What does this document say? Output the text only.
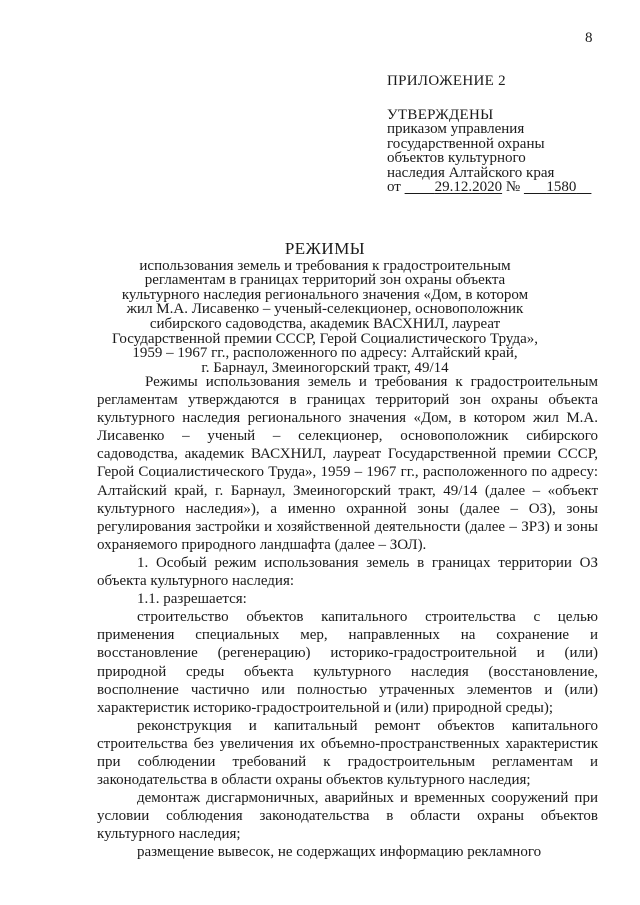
8
ПРИЛОЖЕНИЕ 2
УТВЕРЖДЕНЫ
приказом управления
государственной охраны
объектов культурного
наследия Алтайского края
от    29.12.2020 №    1580 
РЕЖИМЫ
использования земель и требования к градостроительным
регламентам в границах территорий зон охраны объекта
культурного наследия регионального значения «Дом, в котором
жил М.А. Лисавенко – ученый-селекционер, основоположник
сибирского садоводства, академик ВАСХНИЛ, лауреат
Государственной премии СССР, Герой Социалистического Труда»,
1959 – 1967 гг., расположенного по адресу: Алтайский край,
г. Барнаул, Змеиногорский тракт, 49/14

Режимы использования земель и требования к градостроительным регламентам утверждаются в границах территорий зон охраны объекта культурного наследия регионального значения «Дом, в котором жил М.А. Лисавенко – ученый – селекционер, основоположник сибирского садоводства, академик ВАСХНИЛ, лауреат Государственной премии СССР, Герой Социалистического Труда», 1959 – 1967 гг., расположенного по адресу: Алтайский край, г. Барнаул, Змеиногорский тракт, 49/14 (далее – «объект культурного наследия»), а именно охранной зоны (далее – ОЗ), зоны регулирования застройки и хозяйственной деятельности (далее – ЗРЗ) и зоны охраняемого природного ландшафта (далее – ЗОЛ).

1. Особый режим использования земель в границах территории ОЗ объекта культурного наследия:

1.1. разрешается:

строительство объектов капитального строительства с целью применения специальных мер, направленных на сохранение и восстановление (регенерацию) историко-градостроительной и (или) природной среды объекта культурного наследия (восстановление, восполнение частично или полностью утраченных элементов и (или) характеристик историко-градостроительной и (или) природной среды);

реконструкция и капитальный ремонт объектов капитального строительства без увеличения их объемно-пространственных характеристик при соблюдении требований к градостроительным регламентам и законодательства в области охраны объектов культурного наследия;

демонтаж дисгармоничных, аварийных и временных сооружений при условии соблюдения законодательства в области охраны объектов культурного наследия;

размещение вывесок, не содержащих информацию рекламного
